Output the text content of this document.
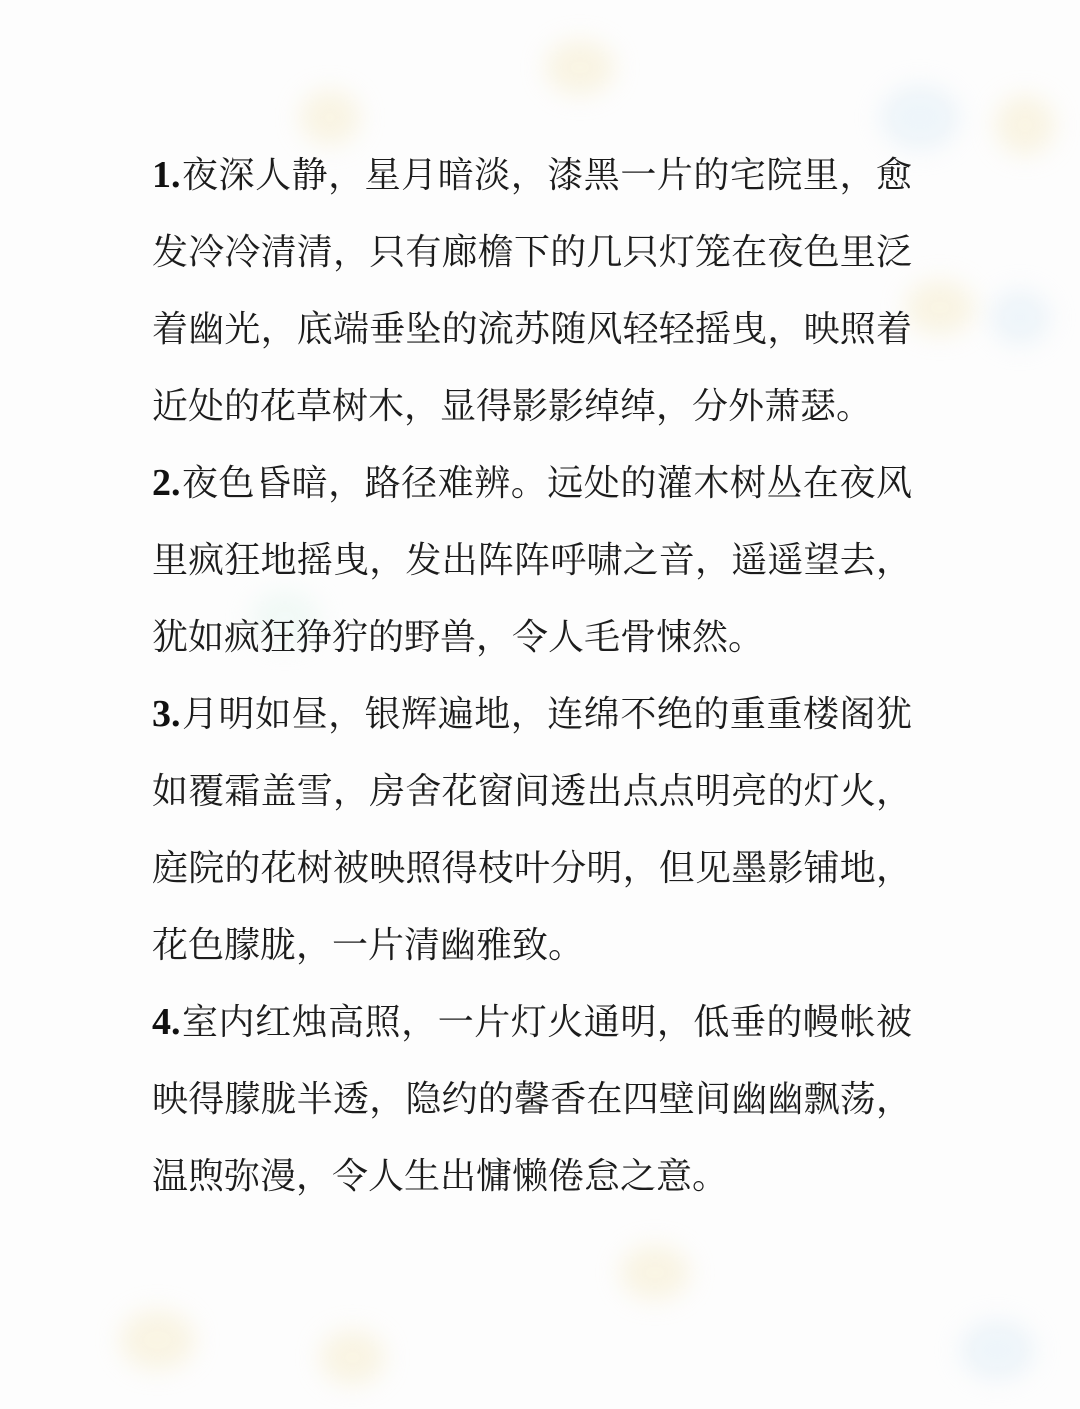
1.夜深人静，星月暗淡，漆黑一片的宅院里，愈

发冷冷清清，只有廊檐下的几只灯笼在夜色里泛

着幽光，底端垂坠的流苏随风轻轻摇曳，映照着

近处的花草树木，显得影影绰绰，分外萧瑟。

2.夜色昏暗，路径难辨。远处的灌木树丛在夜风

里疯狂地摇曳，发出阵阵呼啸之音，遥遥望去，

犹如疯狂狰狞的野兽，令人毛骨悚然。

3.月明如昼，银辉遍地，连绵不绝的重重楼阁犹

如覆霜盖雪，房舍花窗间透出点点明亮的灯火，

庭院的花树被映照得枝叶分明，但见墨影铺地，

花色朦胧，一片清幽雅致。

4.室内红烛高照，一片灯火通明，低垂的幔帐被

映得朦胧半透，隐约的馨香在四壁间幽幽飘荡，

温煦弥漫，令人生出慵懒倦怠之意。
